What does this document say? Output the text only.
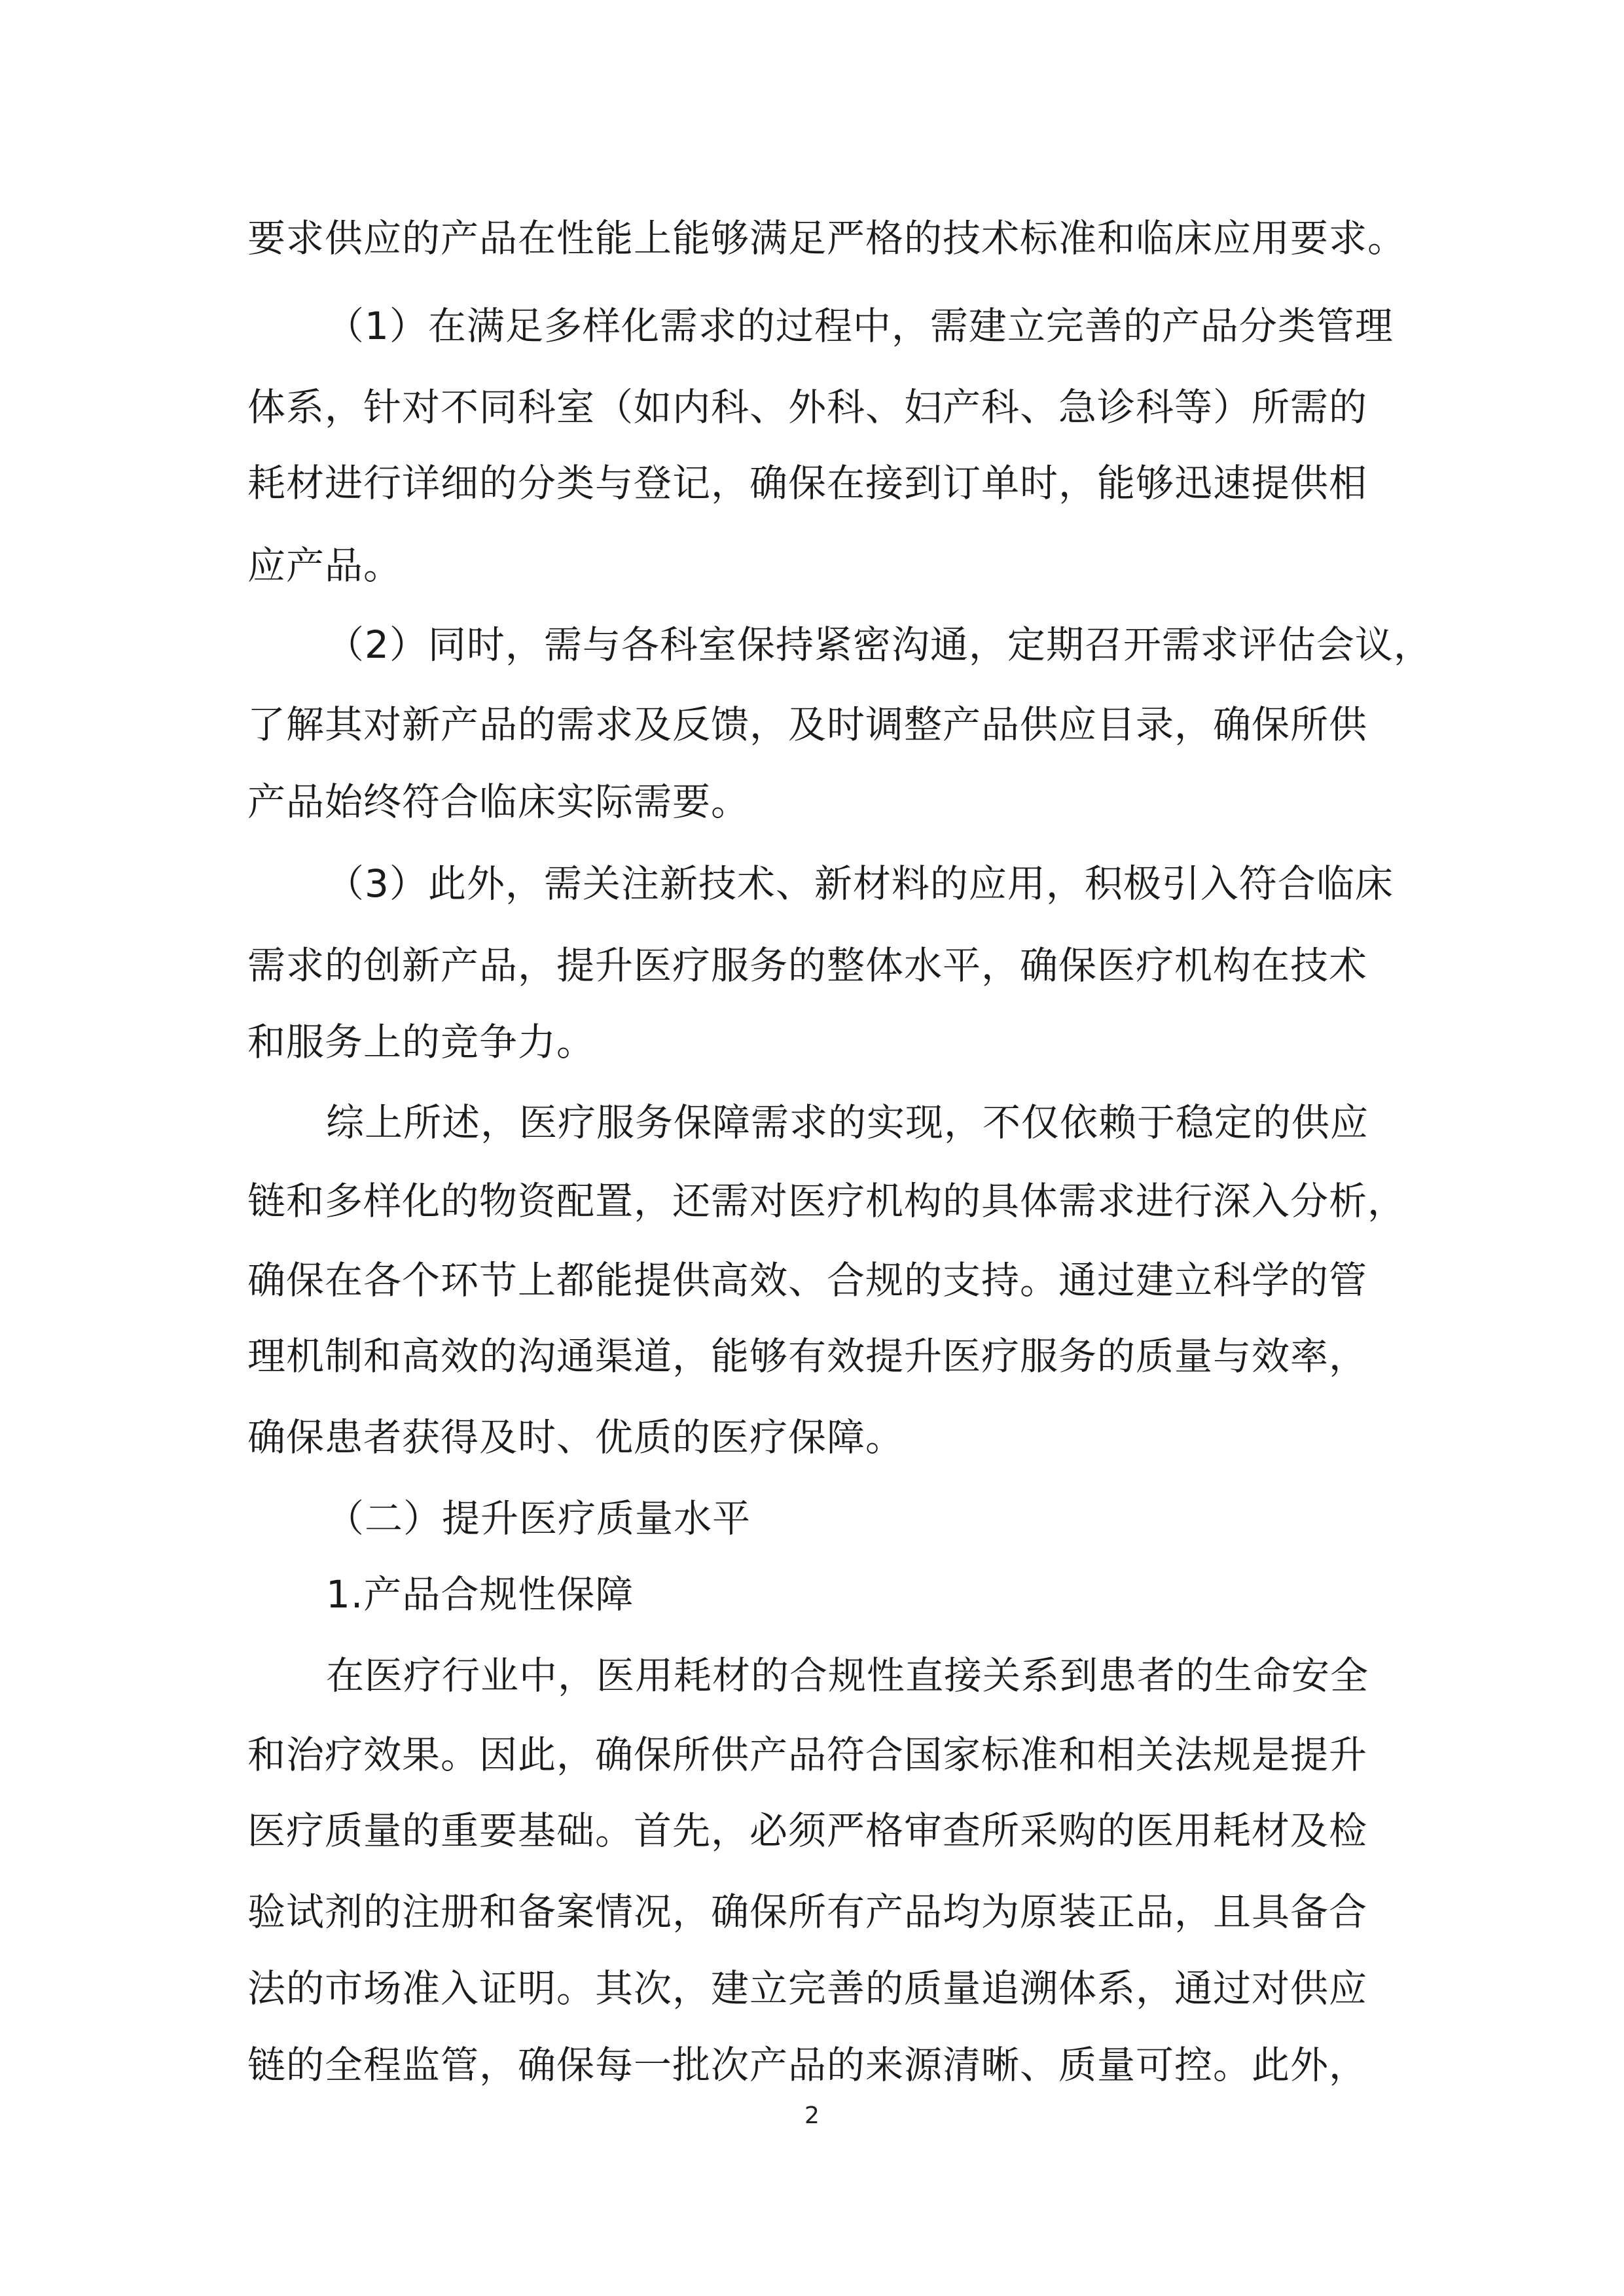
要求供应的产品在性能上能够满足严格的技术标准和临床应用要求。
（1）在满足多样化需求的过程中，需建立完善的产品分类管理
体系，针对不同科室（如内科、外科、妇产科、急诊科等）所需的
耗材进行详细的分类与登记，确保在接到订单时，能够迅速提供相
应产品。
（2）同时，需与各科室保持紧密沟通，定期召开需求评估会议，
了解其对新产品的需求及反馈，及时调整产品供应目录，确保所供
产品始终符合临床实际需要。
（3）此外，需关注新技术、新材料的应用，积极引入符合临床
需求的创新产品，提升医疗服务的整体水平，确保医疗机构在技术
和服务上的竞争力。
综上所述，医疗服务保障需求的实现，不仅依赖于稳定的供应
链和多样化的物资配置，还需对医疗机构的具体需求进行深入分析，
确保在各个环节上都能提供高效、合规的支持。通过建立科学的管
理机制和高效的沟通渠道，能够有效提升医疗服务的质量与效率，
确保患者获得及时、优质的医疗保障。
（二）提升医疗质量水平
1.产品合规性保障
在医疗行业中，医用耗材的合规性直接关系到患者的生命安全
和治疗效果。因此，确保所供产品符合国家标准和相关法规是提升
医疗质量的重要基础。首先，必须严格审查所采购的医用耗材及检
验试剂的注册和备案情况，确保所有产品均为原装正品，且具备合
法的市场准入证明。其次，建立完善的质量追溯体系，通过对供应
链的全程监管，确保每一批次产品的来源清晰、质量可控。此外，
2
